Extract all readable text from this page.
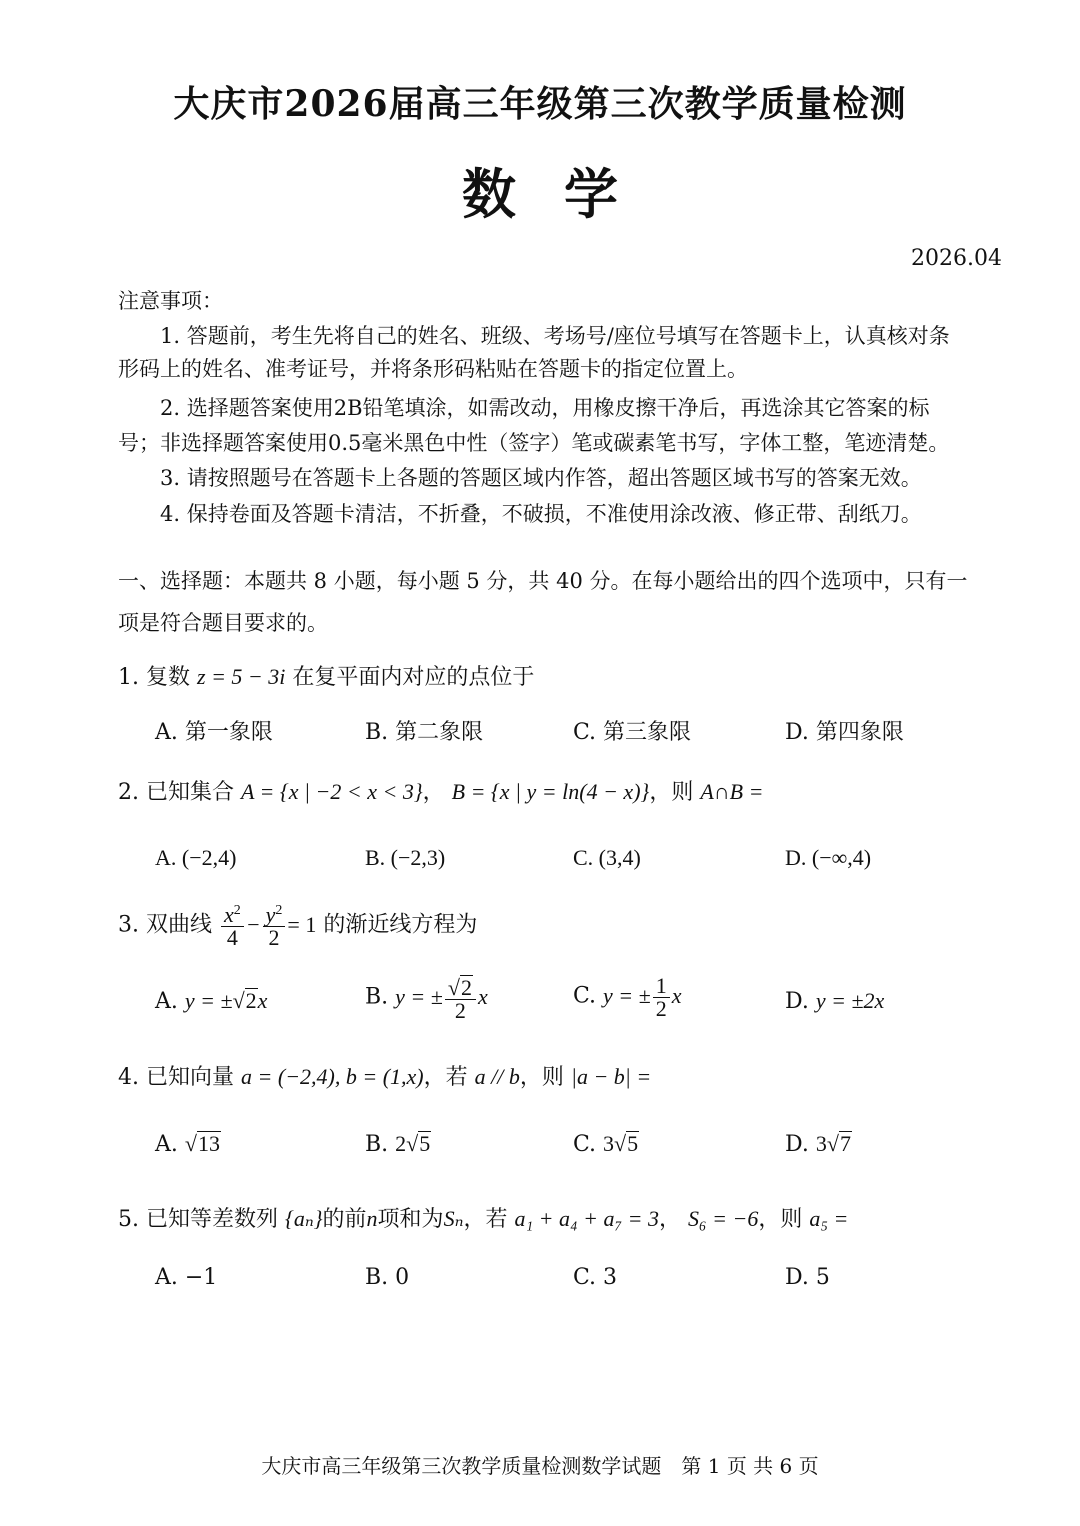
大庆市2026届高三年级第三次教学质量检测
数学
2026.04
注意事项：
1. 答题前，考生先将自己的姓名、班级、考场号/座位号填写在答题卡上，认真核对条
形码上的姓名、准考证号，并将条形码粘贴在答题卡的指定位置上。
2. 选择题答案使用2B铅笔填涂，如需改动，用橡皮擦干净后，再选涂其它答案的标
号；非选择题答案使用0.5毫米黑色中性（签字）笔或碳素笔书写，字体工整，笔迹清楚。
3. 请按照题号在答题卡上各题的答题区域内作答，超出答题区域书写的答案无效。
4. 保持卷面及答题卡清洁，不折叠，不破损，不准使用涂改液、修正带、刮纸刀。
一、选择题：本题共 8 小题，每小题 5 分，共 40 分。在每小题给出的四个选项中，只有一
项是符合题目要求的。
1. 复数 z = 5 − 3i 在复平面内对应的点位于
A. 第一象限	B. 第二象限	C. 第三象限	D. 第四象限
2. 已知集合 A = {x | −2 < x < 3}， B = {x | y = ln(4 − x)}，则 A∩B =
A. (−2,4)	B. (−2,3)	C. (3,4)	D. (−∞,4)
3. 双曲线 $\frac{x^2}{4} - \frac{y^2}{2} = 1$ 的渐近线方程为
A. y = ±√2x	B. y = ± $\frac{√2}{2}$ x	C. y = ± $\frac{1}{2}$ x	D. y = ±2x
4. 已知向量 a = (−2,4), b = (1,x)，若 a // b，则 |a − b| =
A. √13	B. 2√5	C. 3√5	D. 3√7
5. 已知等差数列 {aₙ}的前n项和为Sₙ，若 a₁ + a₄ + a₇ = 3， S₆ = −6，则 a₅ =
A. −1	B. 0	C. 3	D. 5
大庆市高三年级第三次教学质量检测数学试题　第 1 页 共 6 页
